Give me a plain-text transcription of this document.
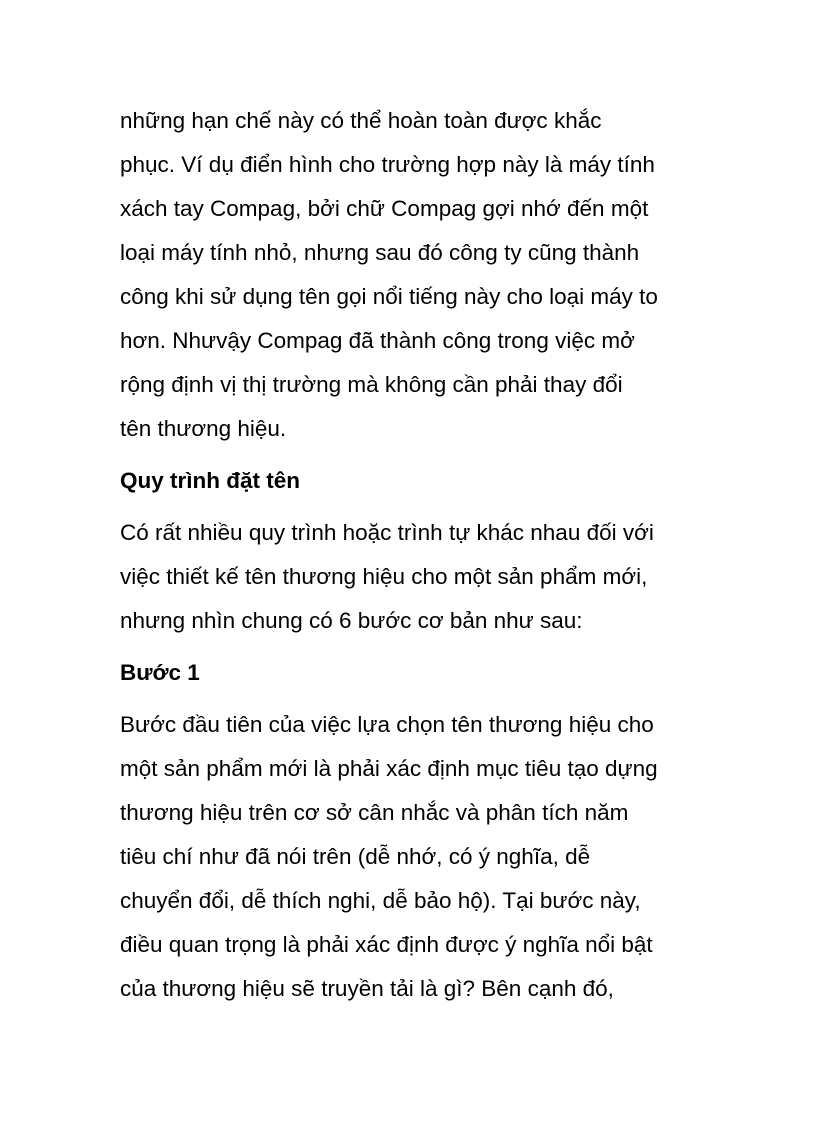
những hạn chế này có thể hoàn toàn được khắc
phục. Ví dụ điển hình cho trường hợp này là máy tính
xách tay Compag, bởi chữ Compag gợi nhớ đến một
loại máy tính nhỏ, nhưng sau đó công ty cũng thành
công khi sử dụng tên gọi nổi tiếng này cho loại máy to
hơn. Nhưvậy Compag đã thành công trong việc mở
rộng định vị thị trường mà không cần phải thay đổi
tên thương hiệu.
Quy trình đặt tên
Có rất nhiều quy trình hoặc trình tự khác nhau đối với
việc thiết kế tên thương hiệu cho một sản phẩm mới,
nhưng nhìn chung có 6 bước cơ bản như sau:
Bước 1
Bước đầu tiên của việc lựa chọn tên thương hiệu cho
một sản phẩm mới là phải xác định mục tiêu tạo dựng
thương hiệu trên cơ sở cân nhắc và phân tích năm
tiêu chí như đã nói trên (dễ nhớ, có ý nghĩa, dễ
chuyển đổi, dễ thích nghi, dễ bảo hộ). Tại bước này,
điều quan trọng là phải xác định được ý nghĩa nổi bật
của thương hiệu sẽ truyền tải là gì? Bên cạnh đó,
